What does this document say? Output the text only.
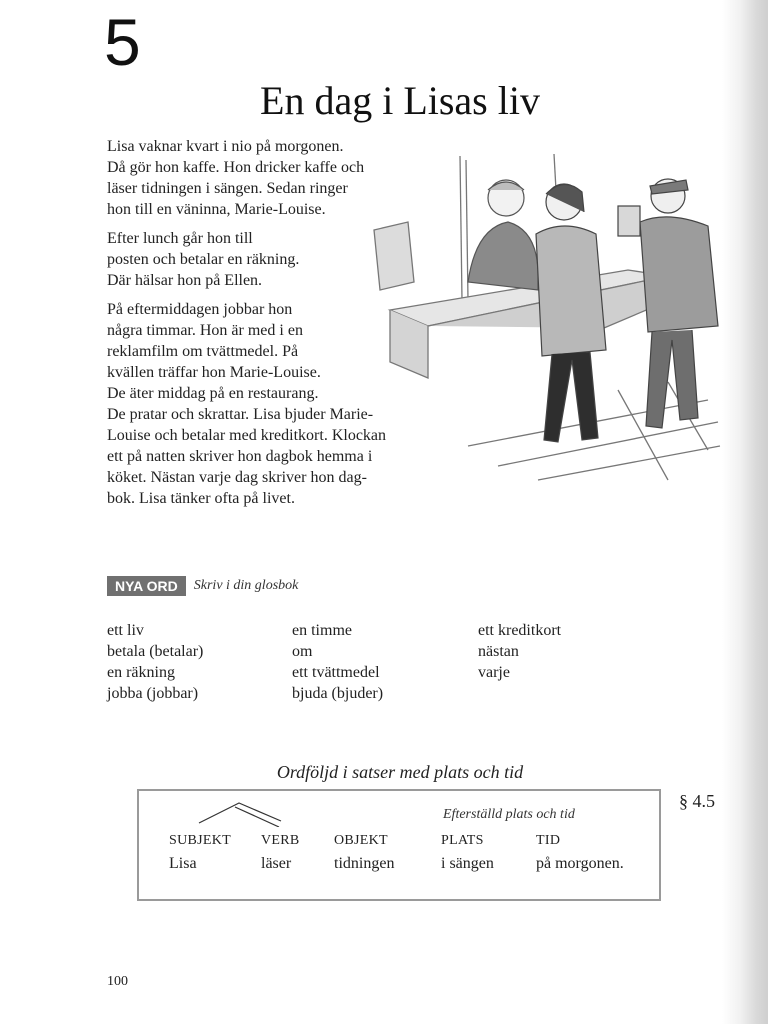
5
En dag i Lisas liv

Lisa vaknar kvart i nio på morgonen.
Då gör hon kaffe. Hon dricker kaffe och
läser tidningen i sängen. Sedan ringer
hon till en väninna, Marie-Louise.

Efter lunch går hon till
posten och betalar en räkning.
Där hälsar hon på Ellen.

På eftermiddagen jobbar hon
några timmar. Hon är med i en
reklamfilm om tvättmedel. På
kvällen träffar hon Marie-Louise.
De äter middag på en restaurang.
De pratar och skrattar. Lisa bjuder Marie-
Louise och betalar med kreditkort. Klockan
ett på natten skriver hon dagbok hemma i
köket. Nästan varje dag skriver hon dag-
bok. Lisa tänker ofta på livet.

NYA ORD	Skriv i din glosbok
ett liv
betala (betalar)
en räkning
jobba (jobbar)
en timme
om
ett tvättmedel
bjuda (bjuder)
ett kreditkort
nästan
varje
Ordföljd i satser med plats och tid
§ 4.5
Efterställd plats och tid
SUBJEKT VERB OBJEKT	PLATS	TID
Lisa	läser	tidningen	i sängen	på morgonen.
100
